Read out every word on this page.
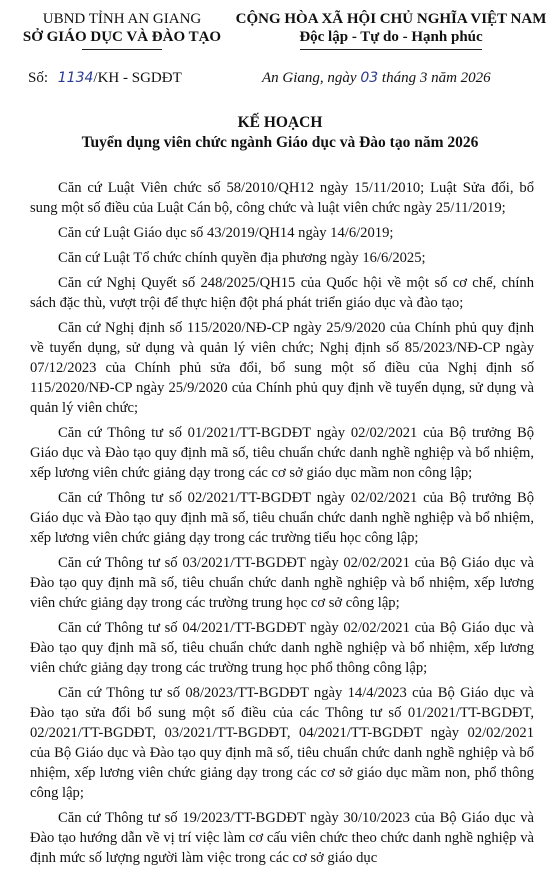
UBND TỈNH AN GIANG
SỞ GIÁO DỤC VÀ ĐÀO TẠO
CỘNG HÒA XÃ HỘI CHỦ NGHĨA VIỆT NAM
Độc lập - Tự do - Hạnh phúc
Số: 1134/KH - SGDĐT	An Giang, ngày 03 tháng 3 năm 2026
KẾ HOẠCH
Tuyển dụng viên chức ngành Giáo dục và Đào tạo năm 2026

Căn cứ Luật Viên chức số 58/2010/QH12 ngày 15/11/2010; Luật Sửa đổi, bổ sung một số điều của Luật Cán bộ, công chức và luật viên chức ngày 25/11/2019;

Căn cứ Luật Giáo dục số 43/2019/QH14 ngày 14/6/2019;

Căn cứ Luật Tổ chức chính quyền địa phương ngày 16/6/2025;

Căn cứ Nghị Quyết số 248/2025/QH15 của Quốc hội về một số cơ chế, chính sách đặc thù, vượt trội để thực hiện đột phá phát triển giáo dục và đào tạo;

Căn cứ Nghị định số 115/2020/NĐ-CP ngày 25/9/2020 của Chính phủ quy định về tuyển dụng, sử dụng và quản lý viên chức; Nghị định số 85/2023/NĐ-CP ngày 07/12/2023 của Chính phủ sửa đổi, bổ sung một số điều của Nghị định số 115/2020/NĐ-CP ngày 25/9/2020 của Chính phủ quy định về tuyển dụng, sử dụng và quản lý viên chức;

Căn cứ Thông tư số 01/2021/TT-BGDĐT ngày 02/02/2021 của Bộ trưởng Bộ Giáo dục và Đào tạo quy định mã số, tiêu chuẩn chức danh nghề nghiệp và bổ nhiệm, xếp lương viên chức giảng dạy trong các cơ sở giáo dục mầm non công lập;

Căn cứ Thông tư số 02/2021/TT-BGDĐT ngày 02/02/2021 của Bộ trưởng Bộ Giáo dục và Đào tạo quy định mã số, tiêu chuẩn chức danh nghề nghiệp và bổ nhiệm, xếp lương viên chức giảng dạy trong các trường tiểu học công lập;

Căn cứ Thông tư số 03/2021/TT-BGDĐT ngày 02/02/2021 của Bộ Giáo dục và Đào tạo quy định mã số, tiêu chuẩn chức danh nghề nghiệp và bổ nhiệm, xếp lương viên chức giảng dạy trong các trường trung học cơ sở công lập;

Căn cứ Thông tư số 04/2021/TT-BGDĐT ngày 02/02/2021 của Bộ Giáo dục và Đào tạo quy định mã số, tiêu chuẩn chức danh nghề nghiệp và bổ nhiệm, xếp lương viên chức giảng dạy trong các trường trung học phổ thông công lập;

Căn cứ Thông tư số 08/2023/TT-BGDĐT ngày 14/4/2023 của Bộ Giáo dục và Đào tạo sửa đổi bổ sung một số điều của các Thông tư số 01/2021/TT-BGDĐT, 02/2021/TT-BGDĐT, 03/2021/TT-BGDĐT, 04/2021/TT-BGDĐT ngày 02/02/2021 của Bộ Giáo dục và Đào tạo quy định mã số, tiêu chuẩn chức danh nghề nghiệp và bổ nhiệm, xếp lương viên chức giảng dạy trong các cơ sở giáo dục mầm non, phổ thông công lập;

Căn cứ Thông tư số 19/2023/TT-BGDĐT ngày 30/10/2023 của Bộ Giáo dục và Đào tạo hướng dẫn về vị trí việc làm cơ cấu viên chức theo chức danh nghề nghiệp và định mức số lượng người làm việc trong các cơ sở giáo dục
